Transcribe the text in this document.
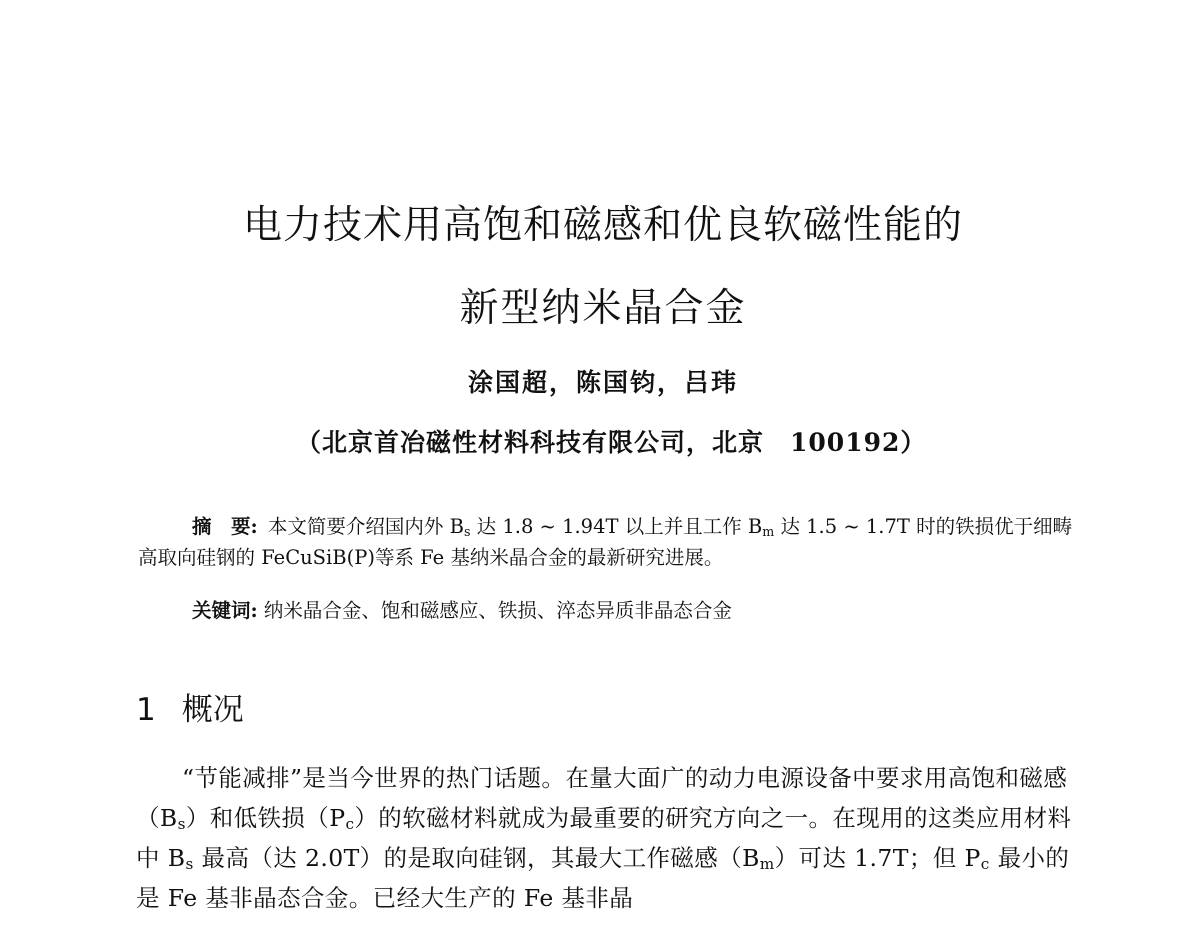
电力技术用高饱和磁感和优良软磁性能的
新型纳米晶合金
涂国超，陈国钧，吕玮
（北京首冶磁性材料科技有限公司，北京 100192）
摘　要: 本文简要介绍国内外 $B_s$ 达 1.8 ~ 1.94T 以上并且工作 $B_m$ 达 1.5 ~ 1.7T 时的铁损优于细畴高取向硅钢的 FeCuSiB(P)等系 Fe 基纳米晶合金的最新研究进展。
关键词: 纳米晶合金、饱和磁感应、铁损、淬态异质非晶态合金
1 概况
“节能减排”是当今世界的热门话题。在量大面广的动力电源设备中要求用高饱和磁感$(B_s)$和低铁损$(P_c)$的软磁材料就成为最重要的研究方向之一。在现用的这类应用材料中 $B_s$ 最高（达 2.0T）的是取向硅钢，其最大工作磁感$(B_m)$可达 1.7T；但 $P_c$ 最小的是 Fe 基非晶态合金。已经大生产的 Fe 基非晶
